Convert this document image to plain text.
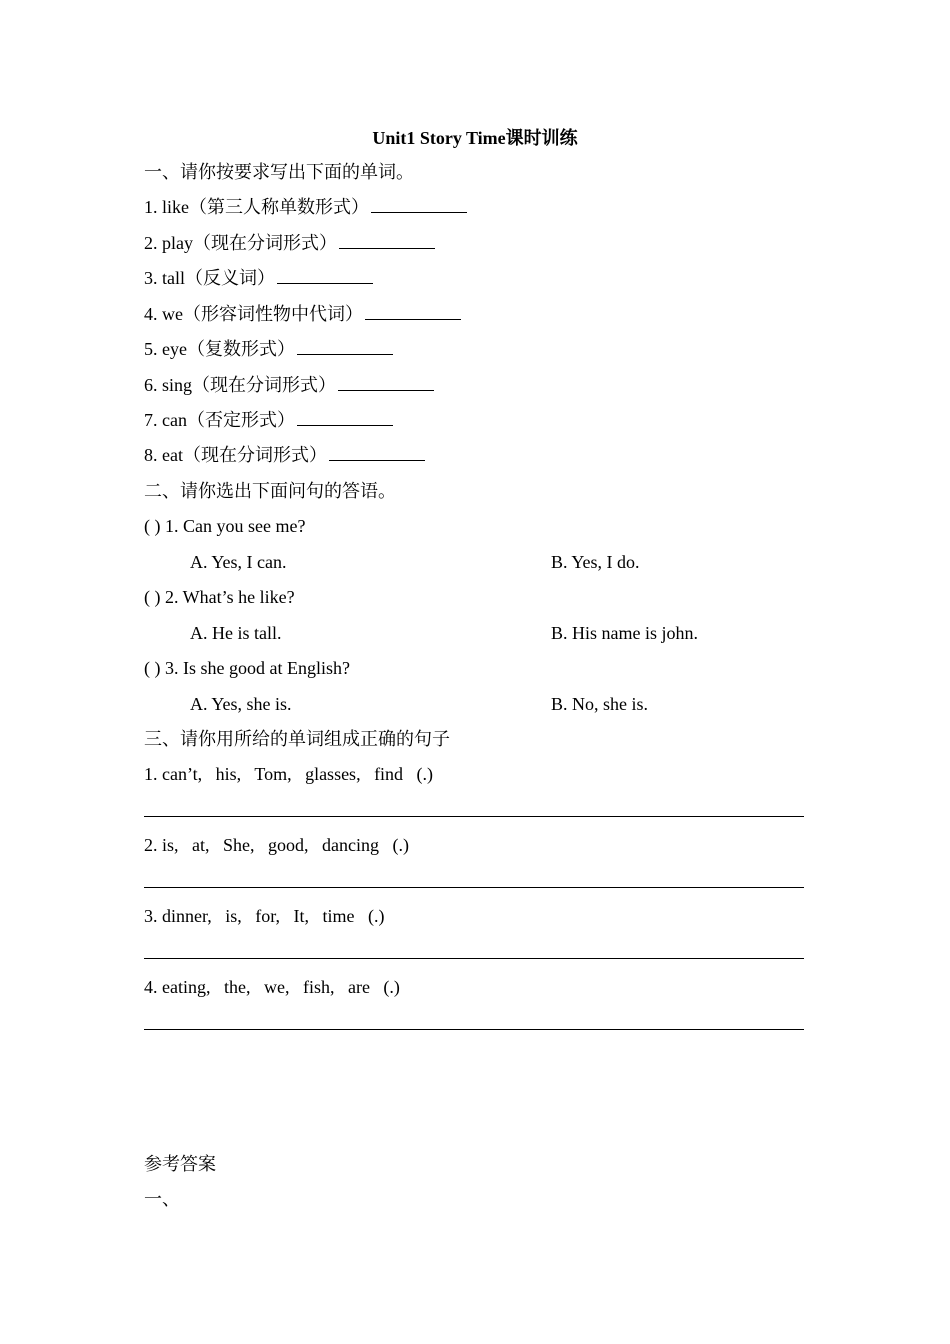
Unit1 Story Time课时训练
一、请你按要求写出下面的单词。
1. like（第三人称单数形式）
2. play（现在分词形式）
3. tall（反义词）
4. we（形容词性物中代词）
5. eye（复数形式）
6. sing（现在分词形式）
7. can（否定形式）
8. eat（现在分词形式）
二、请你选出下面问句的答语。
( ) 1. Can you see me?
A. Yes, I can.	B. Yes, I do.
( ) 2. What’s he like?
A. He is tall.	B. His name is john.
( ) 3. Is she good at English?
A. Yes, she is.	B. No, she is.
三、请你用所给的单词组成正确的句子
1. can’t,   his,   Tom,   glasses,   find   (.)
2. is,   at,   She,   good,   dancing   (.)
3. dinner,   is,   for,   It,   time   (.)
4. eating,   the,   we,   fish,   are   (.)
参考答案
一、
